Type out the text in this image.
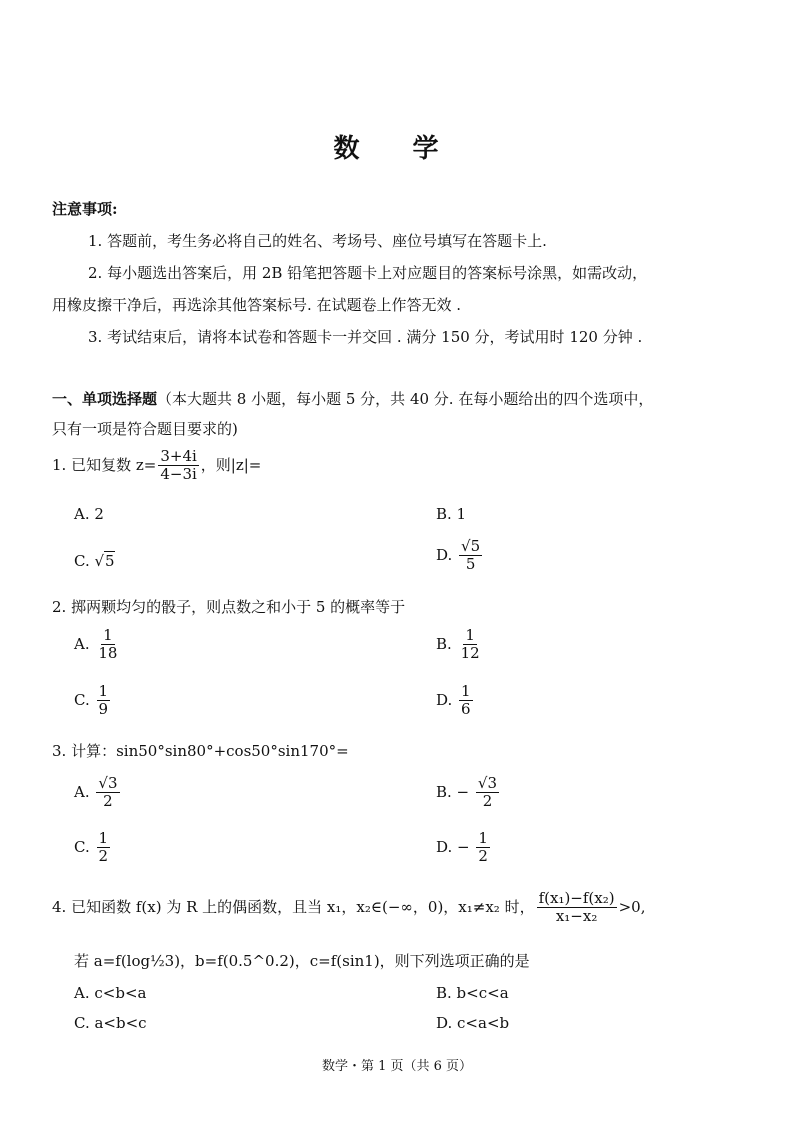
数 学
注意事项:
1. 答题前，考生务必将自己的姓名、考场号、座位号填写在答题卡上.
2. 每小题选出答案后，用 2B 铅笔把答题卡上对应题目的答案标号涂黑，如需改动，
用橡皮擦干净后，再选涂其他答案标号. 在试题卷上作答无效 .
3. 考试结束后，请将本试卷和答题卡一并交回 . 满分 150 分，考试用时 120 分钟 .
一、单项选择题（本大题共 8 小题，每小题 5 分，共 40 分. 在每小题给出的四个选项中，
只有一项是符合题目要求的)
1. 已知复数 $z= \frac{3+4i}{4-3i}$ ，则|z|=
A. 2	B. 1
C. √5	D. $\frac{√5}{5}$
2. 掷两颗均匀的骰子，则点数之和小于 5 的概率等于
A. $\frac{1}{18}$	B. $\frac{1}{12}$
C. $\frac{1}{9}$	D. $\frac{1}{6}$
3. 计算：sin50°sin80°+cos50°sin170°=
A. $\frac{√3}{2}$	B. − $\frac{√3}{2}$
C. $\frac{1}{2}$	D. − $\frac{1}{2}$
4. 已知函数 f(x) 为 R 上的偶函数，且当 x₁，x₂∈(−∞，0)，x₁≠x₂ 时， $\frac{\text{f(x₁)−f(x₂)}}{\text{x₁−x₂}} >0$,
若 a=f(log½3)，b=f(0.5^0.2)，c=f(sin1)，则下列选项正确的是
A. c<b<a	B. b<c<a
C. a<b<c	D. c<a<b
数学・第 1 页（共 6 页）
